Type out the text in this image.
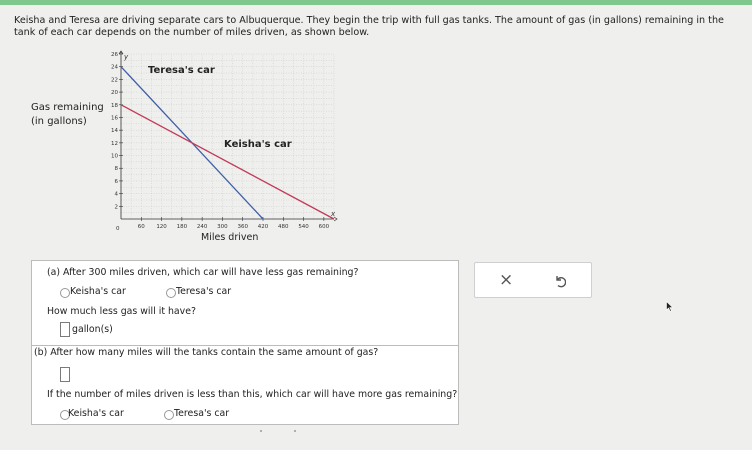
Keisha and Teresa are driving separate cars to Albuquerque. They begin the trip with full gas tanks. The amount of gas (in gallons) remaining in the tank of each car depends on the number of miles driven, as shown below.
Gas remaining
(in gallons)
60 120 180 240 300 360 420 480 540 600
2
4
6
8
10
12
14
16
18
20
22
24
26
Teresa's car
Keisha's car
Miles driven
x
y
0
(a) After 300 miles driven, which car will have less gas remaining?
Keisha's car	Teresa's car
How much less gas will it have?
gallon(s)
(b) After how many miles will the tanks contain the same amount of gas?
If the number of miles driven is less than this, which car will have more gas remaining?
Keisha's car	Teresa's car
×
